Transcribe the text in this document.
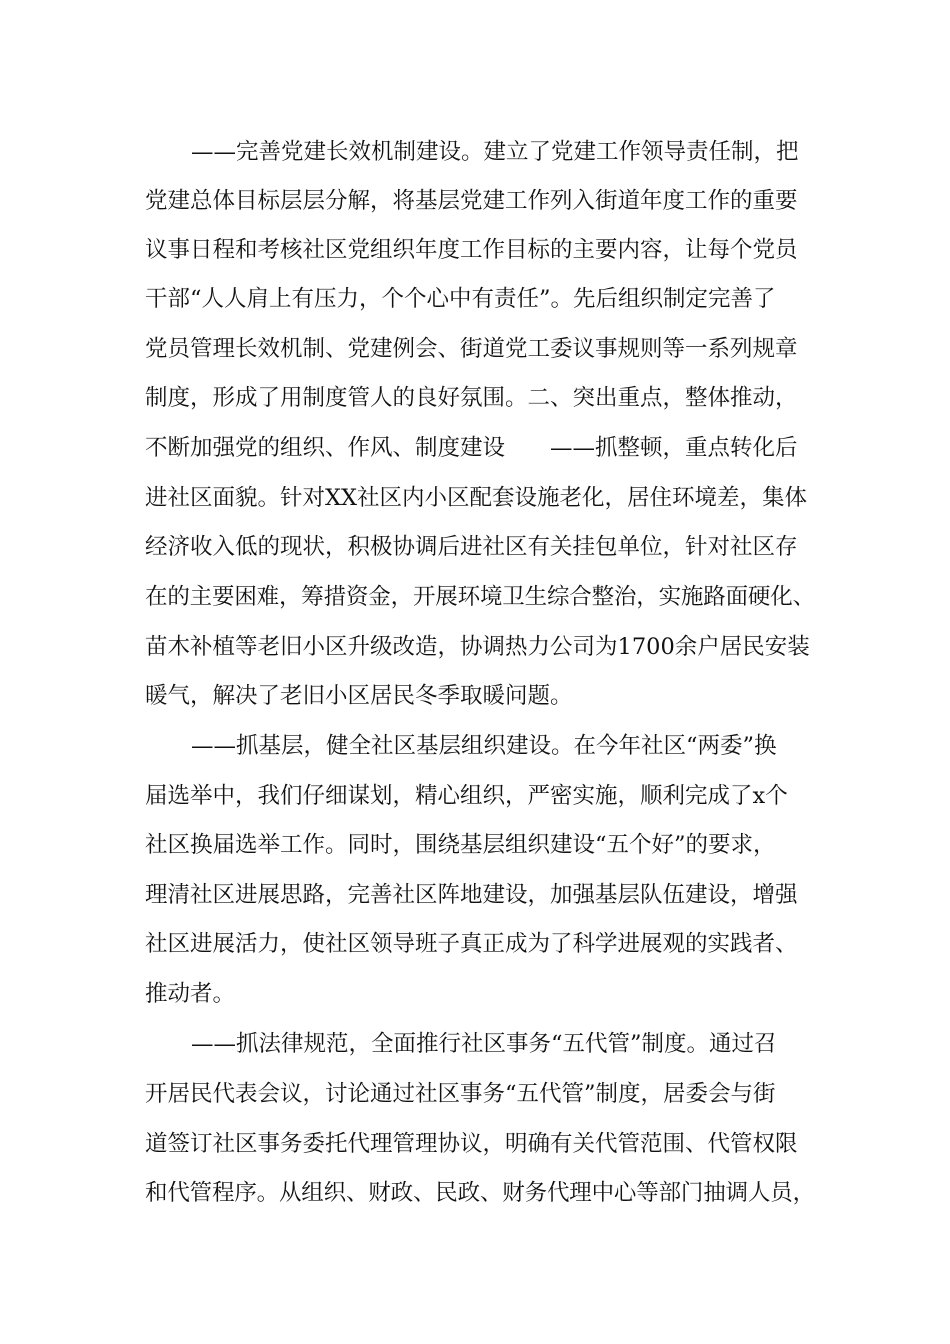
——完善党建长效机制建设。建立了党建工作领导责任制，把
党建总体目标层层分解，将基层党建工作列入街道年度工作的重要
议事日程和考核社区党组织年度工作目标的主要内容，让每个党员
干部“人人肩上有压力，个个心中有责任”。先后组织制定完善了
党员管理长效机制、党建例会、街道党工委议事规则等一系列规章
制度，形成了用制度管人的良好氛围。二、突出重点，整体推动，
不断加强党的组织、作风、制度建设　　——抓整顿，重点转化后
进社区面貌。针对XX社区内小区配套设施老化，居住环境差，集体
经济收入低的现状，积极协调后进社区有关挂包单位，针对社区存
在的主要困难，筹措资金，开展环境卫生综合整治，实施路面硬化、
苗木补植等老旧小区升级改造，协调热力公司为1700余户居民安装
暖气，解决了老旧小区居民冬季取暖问题。
——抓基层，健全社区基层组织建设。在今年社区“两委”换
届选举中，我们仔细谋划，精心组织，严密实施，顺利完成了x个
社区换届选举工作。同时，围绕基层组织建设“五个好”的要求，
理清社区进展思路，完善社区阵地建设，加强基层队伍建设，增强
社区进展活力，使社区领导班子真正成为了科学进展观的实践者、
推动者。
——抓法律规范，全面推行社区事务“五代管”制度。通过召
开居民代表会议，讨论通过社区事务“五代管”制度，居委会与街
道签订社区事务委托代理管理协议，明确有关代管范围、代管权限
和代管程序。从组织、财政、民政、财务代理中心等部门抽调人员，
